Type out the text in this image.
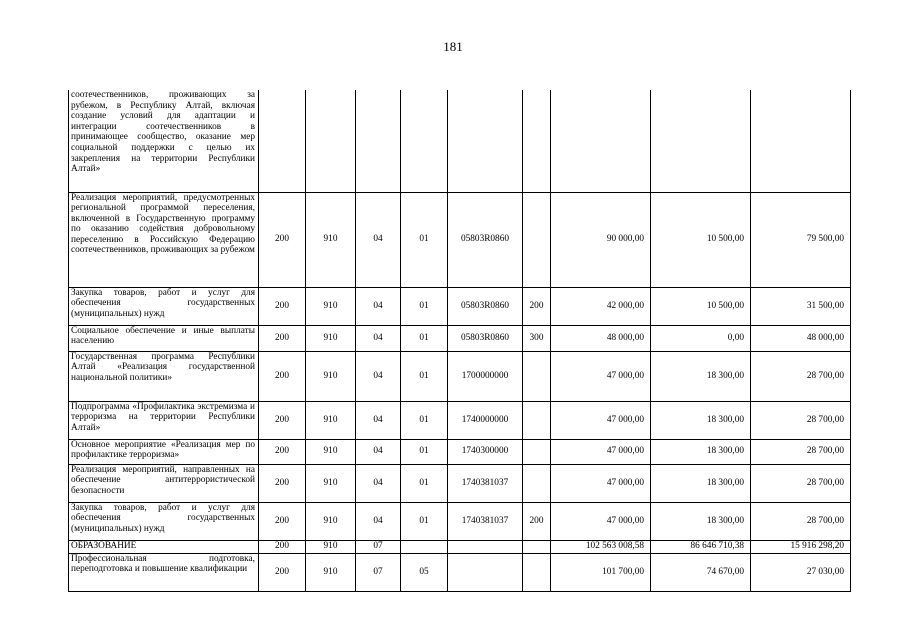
181
соотечественников, проживающих за рубежом, в Республику Алтай, включая создание условий для адаптации и интеграции соотечественников в принимающее сообщество, оказание мер социальной поддержки с целью их закрепления на территории Республики Алтай»									
Реализация мероприятий, предусмотренных региональной программой переселения, включенной в Государственную программу по оказанию содействия добровольному переселению в Российскую Федерацию соотечественников, проживающих за рубежом	200	910	04	01	05803R0860		90 000,00	10 500,00	79 500,00
Закупка товаров, работ и услуг для обеспечения государственных (муниципальных) нужд	200	910	04	01	05803R0860	200	42 000,00	10 500,00	31 500,00
Социальное обеспечение и иные выплаты населению	200	910	04	01	05803R0860	300	48 000,00	0,00	48 000,00
Государственная программа Республики Алтай «Реализация государственной национальной политики»	200	910	04	01	1700000000		47 000,00	18 300,00	28 700,00
Подпрограмма «Профилактика экстремизма и терроризма на территории Республики Алтай»	200	910	04	01	1740000000		47 000,00	18 300,00	28 700,00
Основное мероприятие «Реализация мер по профилактике терроризма»	200	910	04	01	1740300000		47 000,00	18 300,00	28 700,00
Реализация мероприятий, направленных на обеспечение антитеррористической безопасности	200	910	04	01	1740381037		47 000,00	18 300,00	28 700,00
Закупка товаров, работ и услуг для обеспечения государственных (муниципальных) нужд	200	910	04	01	1740381037	200	47 000,00	18 300,00	28 700,00
ОБРАЗОВАНИЕ	200	910	07				102 563 008,58	86 646 710,38	15 916 298,20
Профессиональная подготовка, переподготовка и повышение квалификации	200	910	07	05			101 700,00	74 670,00	27 030,00
